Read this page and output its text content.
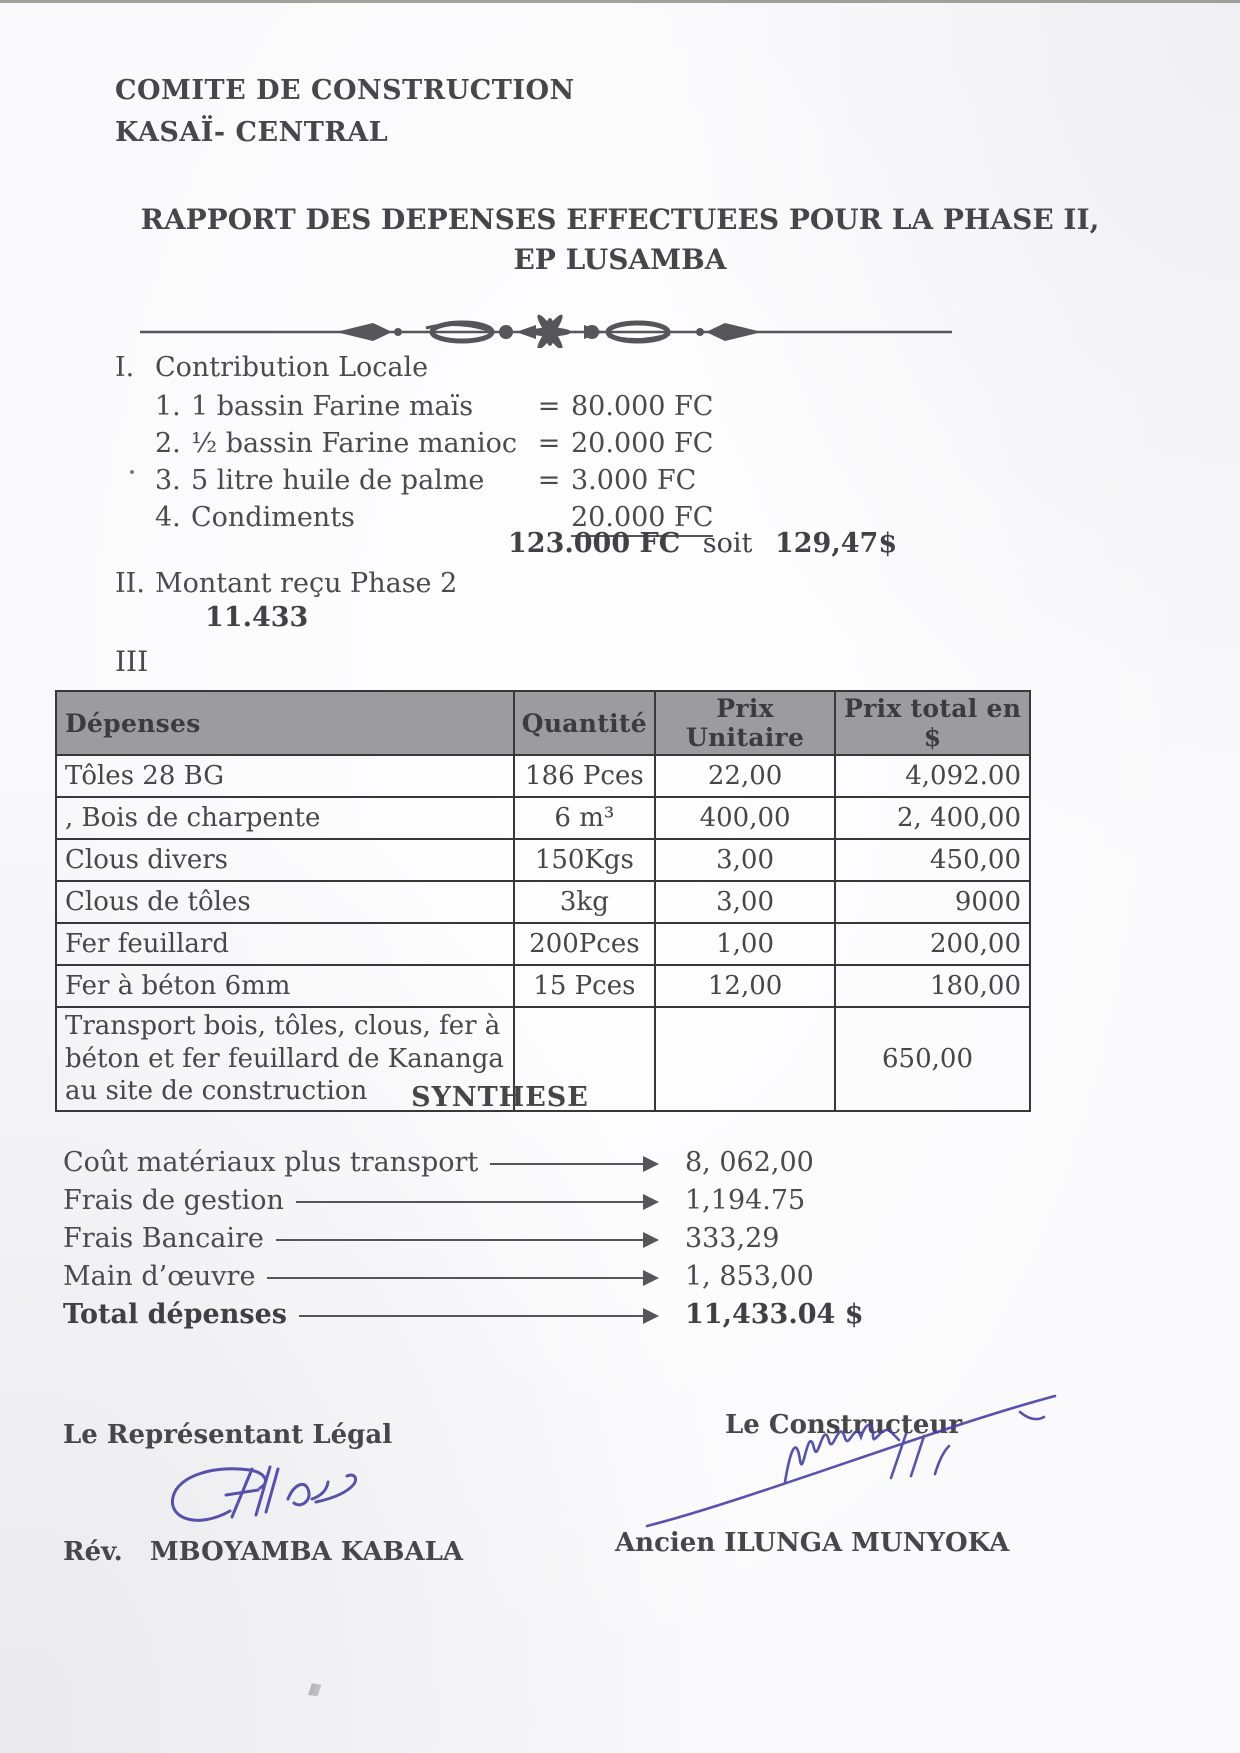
COMITE DE CONSTRUCTION
KASAÏ- CENTRAL
RAPPORT DES DEPENSES EFFECTUEES POUR LA PHASE II,
EP LUSAMBA
I. Contribution Locale
1. 1 bassin Farine maïs	= 80.000 FC
2. ½ bassin Farine manioc = 20.000 FC
3. 5 litre huile de palme	= 3.000 FC
4. Condiments	20.000 FC
123.000 FC soit 129,47$
II. Montant reçu Phase 2
11.433
III
Dépenses	Quantité	Prix Unitaire	Prix total en $
Tôles 28 BG	186 Pces	22,00	4,092.00
, Bois de charpente	6 m³	400,00	2, 400,00
Clous divers	150Kgs	3,00	450,00
Clous de tôles	3kg	3,00	9000
Fer feuillard	200Pces	1,00	200,00
Fer à béton 6mm	15 Pces	12,00	180,00
Transport bois, tôles, clous, fer à béton et fer feuillard de Kananga au site de construction			650,00
SYNTHESE
Coût matériaux plus transport	8, 062,00
Frais de gestion	1,194.75
Frais Bancaire	333,29
Main d’œuvre	1, 853,00
Total dépenses	11,433.04 $
Le Représentant Légal
Rév.   MBOYAMBA KABALA
Le Constructeur
Ancien ILUNGA MUNYOKA
